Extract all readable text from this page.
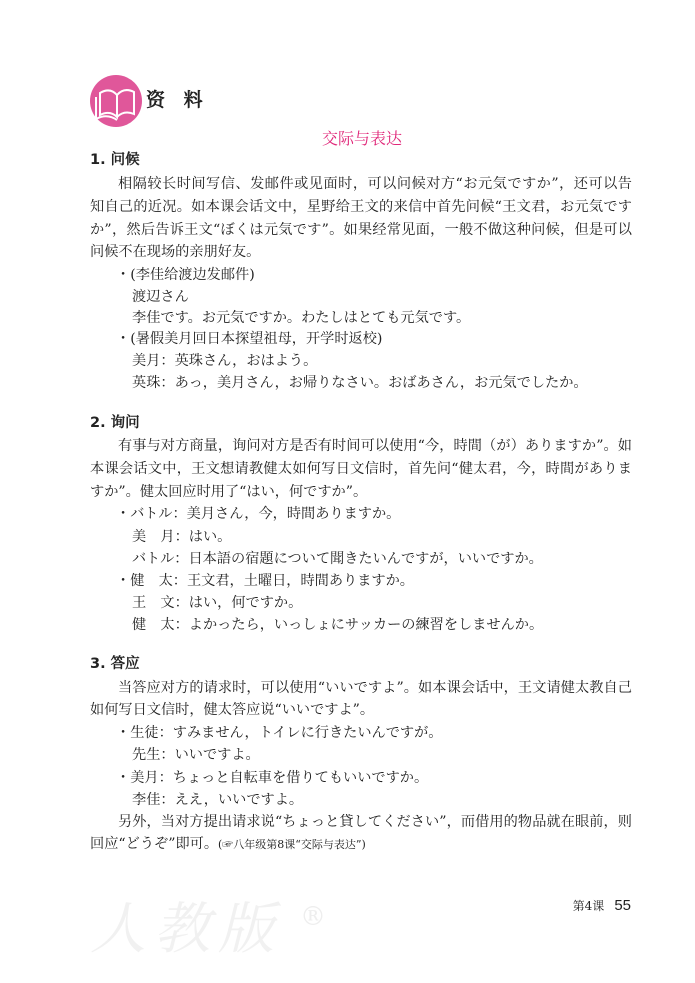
资 料
交际与表达
人教版 ®
1. 问候
相隔较长时间写信、发邮件或见面时，可以问候对方“お元気ですか”，还可以告
知自己的近况。如本课会话文中，星野给王文的来信中首先问候“王文君，お元気です
か”，然后告诉王文“ぼくは元気です”。如果经常见面，一般不做这种问候，但是可以
问候不在现场的亲朋好友。
・(李佳给渡边发邮件)
渡辺さん
李佳です。お元気ですか。わたしはとても元気です。
・(暑假美月回日本探望祖母，开学时返校)
美月：英珠さん，おはよう。
英珠：あっ，美月さん，お帰りなさい。おばあさん，お元気でしたか。
2. 询问
有事与对方商量，询问对方是否有时间可以使用“今，時間（が）ありますか”。如
本课会话文中，王文想请教健太如何写日文信时，首先问“健太君，今，時間がありま
すか”。健太回应时用了“はい，何ですか”。
・バトル：美月さん，今，時間ありますか。
美　月：はい。
バトル：日本語の宿題について聞きたいんですが，いいですか。
・健　太：王文君，土曜日，時間ありますか。
王　文：はい，何ですか。
健　太：よかったら，いっしょにサッカーの練習をしませんか。
3. 答应
当答应对方的请求时，可以使用“いいですよ”。如本课会话中，王文请健太教自己
如何写日文信时，健太答应说“いいですよ”。
・生徒：すみません，トイレに行きたいんですが。
先生：いいですよ。
・美月：ちょっと自転車を借りてもいいですか。
李佳：ええ，いいですよ。
另外，当对方提出请求说“ちょっと貸してください”，而借用的物品就在眼前，则
回应“どうぞ”即可。(☞八年级第8课“交际与表达”)
第4课 55
